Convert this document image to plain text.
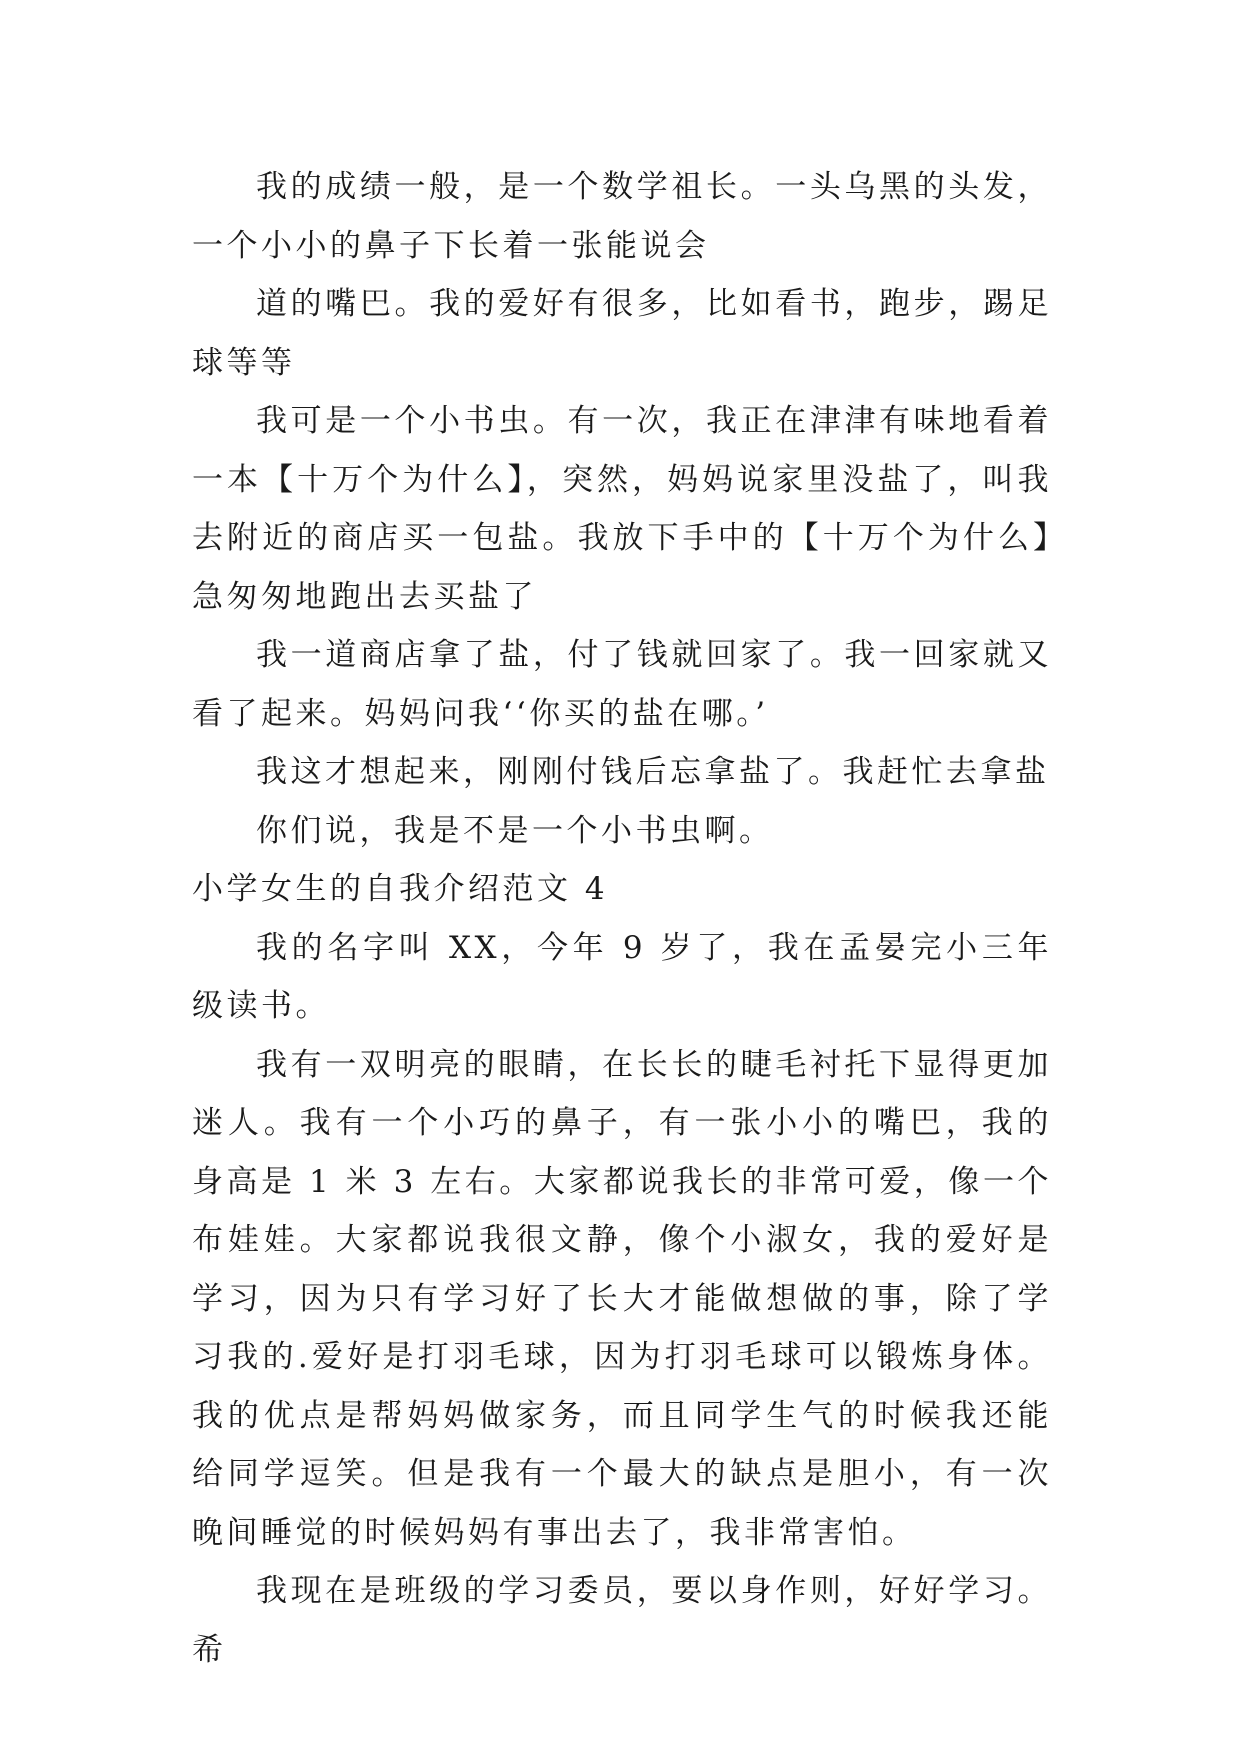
我的成绩一般，是一个数学祖长。一头乌黑的头发，一个小小的鼻子下长着一张能说会

道的嘴巴。我的爱好有很多，比如看书，跑步，踢足球等等

我可是一个小书虫。有一次，我正在津津有味地看着一本【十万个为什么】，突然，妈妈说家里没盐了，叫我去附近的商店买一包盐。我放下手中的【十万个为什么】急匆匆地跑出去买盐了

我一道商店拿了盐，付了钱就回家了。我一回家就又看了起来。妈妈问我‘‘你买的盐在哪。’

我这才想起来，刚刚付钱后忘拿盐了。我赶忙去拿盐

你们说，我是不是一个小书虫啊。

小学女生的自我介绍范文 4

我的名字叫 XX，今年 9 岁了，我在孟晏完小三年级读书。

我有一双明亮的眼睛，在长长的睫毛衬托下显得更加迷人。我有一个小巧的鼻子，有一张小小的嘴巴，我的身高是 1 米 3 左右。大家都说我长的非常可爱，像一个布娃娃。大家都说我很文静，像个小淑女，我的爱好是学习，因为只有学习好了长大才能做想做的事，除了学习我的.爱好是打羽毛球，因为打羽毛球可以锻炼身体。我的优点是帮妈妈做家务，而且同学生气的时候我还能给同学逗笑。但是我有一个最大的缺点是胆小，有一次晚间睡觉的时候妈妈有事出去了，我非常害怕。

我现在是班级的学习委员，要以身作则，好好学习。希
